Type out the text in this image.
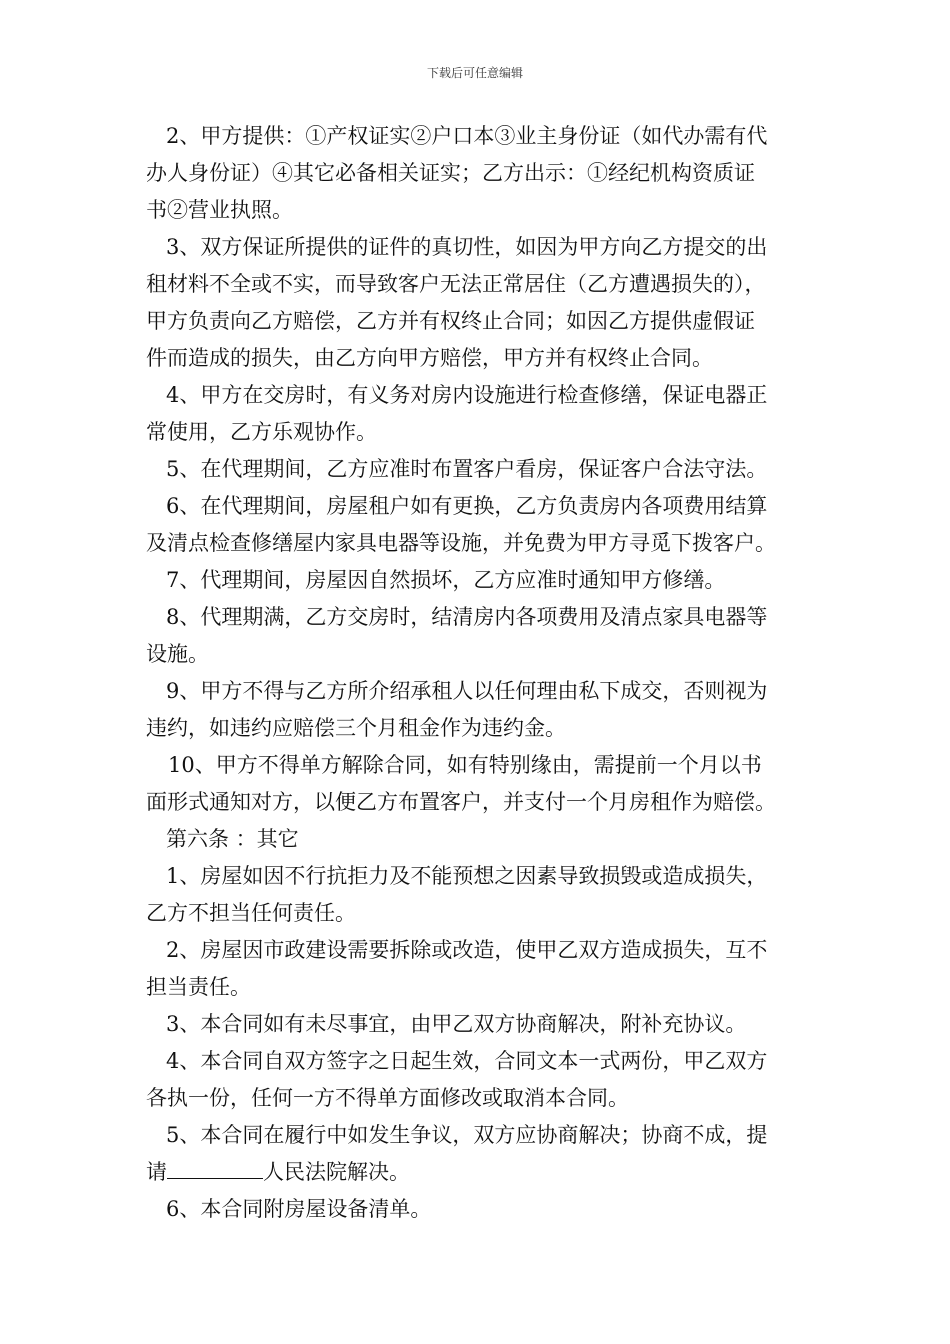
下载后可任意编辑
2、甲方提供：①产权证实②户口本③业主身份证（如代办需有代
办人身份证）④其它必备相关证实；乙方出示：①经纪机构资质证
书②营业执照。
3、双方保证所提供的证件的真切性，如因为甲方向乙方提交的出
租材料不全或不实，而导致客户无法正常居住（乙方遭遇损失的），
甲方负责向乙方赔偿，乙方并有权终止合同；如因乙方提供虚假证
件而造成的损失，由乙方向甲方赔偿，甲方并有权终止合同。
4、甲方在交房时，有义务对房内设施进行检查修缮，保证电器正
常使用，乙方乐观协作。
5、在代理期间，乙方应准时布置客户看房，保证客户合法守法。
6、在代理期间，房屋租户如有更换，乙方负责房内各项费用结算
及清点检查修缮屋内家具电器等设施，并免费为甲方寻觅下拨客户。
7、代理期间，房屋因自然损坏，乙方应准时通知甲方修缮。
8、代理期满，乙方交房时，结清房内各项费用及清点家具电器等
设施。
9、甲方不得与乙方所介绍承租人以任何理由私下成交，否则视为
违约，如违约应赔偿三个月租金作为违约金。
10、甲方不得单方解除合同，如有特别缘由，需提前一个月以书
面形式通知对方，以便乙方布置客户，并支付一个月房租作为赔偿。
第六条 ：其它
1、房屋如因不行抗拒力及不能预想之因素导致损毁或造成损失，
乙方不担当任何责任。
2、房屋因市政建设需要拆除或改造，使甲乙双方造成损失，互不
担当责任。
3、本合同如有未尽事宜，由甲乙双方协商解决，附补充协议。
4、本合同自双方签字之日起生效，合同文本一式两份，甲乙双方
各执一份，任何一方不得单方面修改或取消本合同。
5、本合同在履行中如发生争议，双方应协商解决；协商不成，提
请	人民法院解决。
6、本合同附房屋设备清单。
